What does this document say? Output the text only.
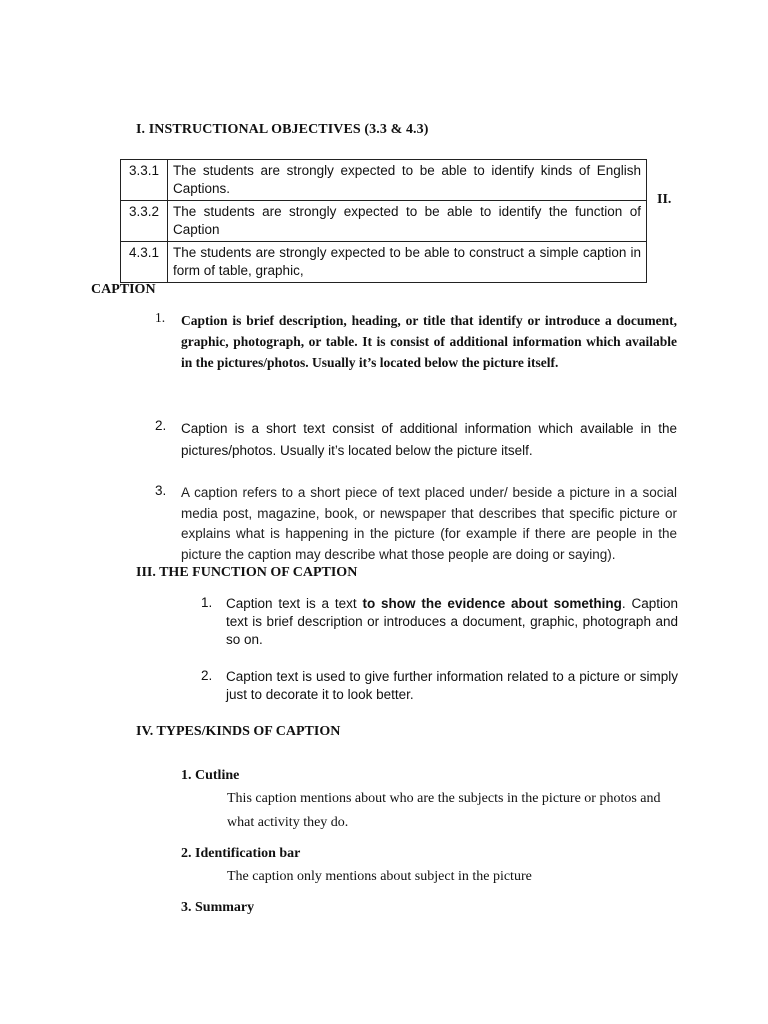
I. INSTRUCTIONAL OBJECTIVES (3.3 & 4.3)
3.3.1	The students are strongly expected to be able to identify kinds of English Captions.
3.3.2	The students are strongly expected to be able to identify the function of Caption
4.3.1	The students are strongly expected to be able to construct a simple caption in form of table, graphic,
II.
CAPTION
1. Caption is brief description, heading, or title that identify or introduce a document, graphic, photograph, or table. It is consist of additional information which available in the pictures/photos. Usually it’s located below the picture itself.
2. Caption is a short text consist of additional information which available in the pictures/photos. Usually it’s located below the picture itself.
3. A caption refers to a short piece of text placed under/ beside a picture in a social media post, magazine, book, or newspaper that describes that specific picture or explains what is happening in the picture (for example if there are people in the picture the caption may describe what those people are doing or saying).
III. THE FUNCTION OF CAPTION
1. Caption text is a text to show the evidence about something. Caption text is brief description or introduces a document, graphic, photograph and so on.
2. Caption text is used to give further information related to a picture or simply just to decorate it to look better.
IV. TYPES/KINDS OF CAPTION
1. Cutline
This caption mentions about who are the subjects in the picture or photos and what activity they do.
2. Identification bar
The caption only mentions about subject in the picture
3. Summary
